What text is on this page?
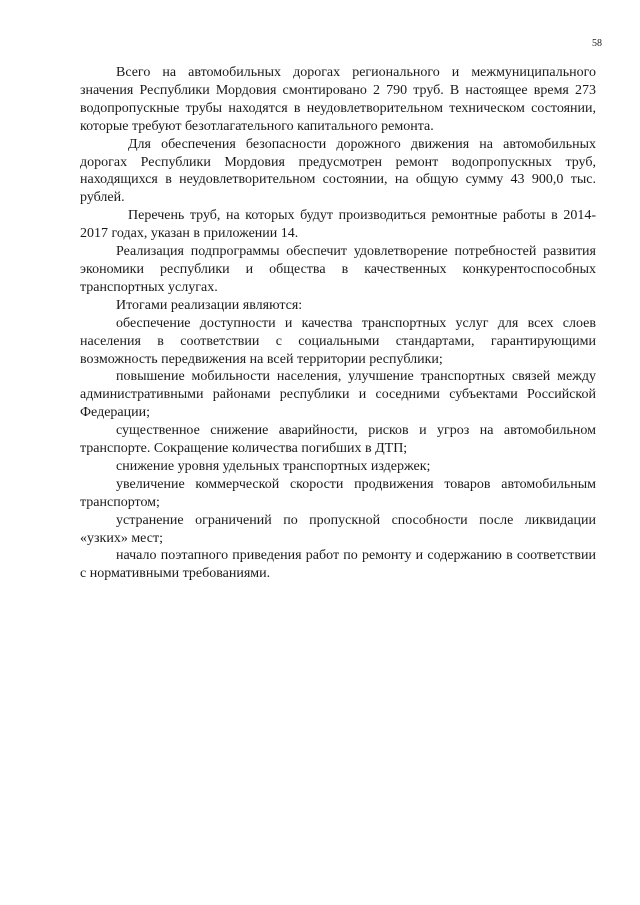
58

Всего на автомобильных дорогах регионального и межмуниципального значения Республики Мордовия смонтировано 2 790 труб. В настоящее время 273 водопропускные трубы находятся в неудовлетворительном техническом состоянии, которые требуют безотлагательного капитального ремонта.

Для обеспечения безопасности дорожного движения на автомобильных дорогах Республики Мордовия предусмотрен ремонт водопропускных труб, находящихся в неудовлетворительном состоянии, на общую сумму 43 900,0 тыс. рублей.

Перечень труб, на которых будут производиться ремонтные работы в 2014-2017 годах, указан в приложении 14.

Реализация подпрограммы обеспечит удовлетворение потребностей развития экономики республики и общества в качественных конкурентоспособных транспортных услугах.

Итогами реализации являются:

обеспечение доступности и качества транспортных услуг для всех слоев населения в соответствии с социальными стандартами, гарантирующими возможность передвижения на всей территории республики;

повышение мобильности населения, улучшение транспортных связей между административными районами республики и соседними субъектами Российской Федерации;

существенное снижение аварийности, рисков и угроз на автомобильном транспорте. Сокращение количества погибших в ДТП;

снижение уровня удельных транспортных издержек;

увеличение коммерческой скорости продвижения товаров автомобильным транспортом;

устранение ограничений по пропускной способности после ликвидации «узких» мест;

начало поэтапного приведения работ по ремонту и содержанию в соответствии с нормативными требованиями.
